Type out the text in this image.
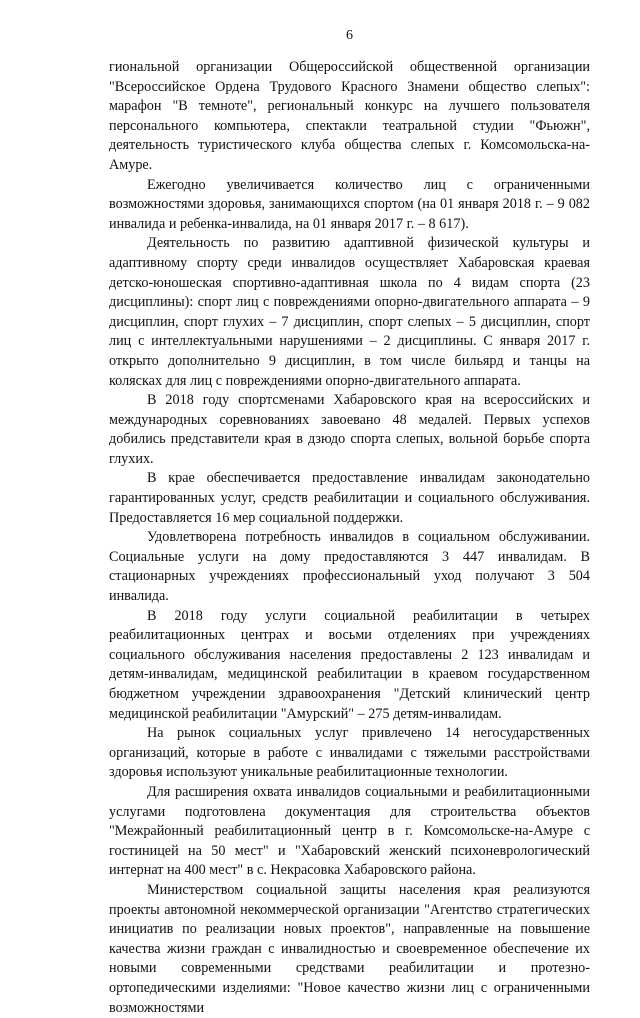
6

гиональной организации Общероссийской общественной организации "Всероссийское Ордена Трудового Красного Знамени общество слепых": марафон "В темноте", региональный конкурс на лучшего пользователя персонального компьютера, спектакли театральной студии "Фьюжн", деятельность туристического клуба общества слепых г. Комсомольска-на-Амуре.

Ежегодно увеличивается количество лиц с ограниченными возможностями здоровья, занимающихся спортом (на 01 января 2018 г. – 9 082 инвалида и ребенка-инвалида, на 01 января 2017 г. – 8 617).

Деятельность по развитию адаптивной физической культуры и адаптивному спорту среди инвалидов осуществляет Хабаровская краевая детско-юношеская спортивно-адаптивная школа по 4 видам спорта (23 дисциплины): спорт лиц с повреждениями опорно-двигательного аппарата – 9 дисциплин, спорт глухих – 7 дисциплин, спорт слепых – 5 дисциплин, спорт лиц с интеллектуальными нарушениями – 2 дисциплины. С января 2017 г. открыто дополнительно 9 дисциплин, в том числе бильярд и танцы на колясках для лиц с повреждениями опорно-двигательного аппарата.

В 2018 году спортсменами Хабаровского края на всероссийских и международных соревнованиях завоевано 48 медалей. Первых успехов добились представители края в дзюдо спорта слепых, вольной борьбе спорта глухих.

В крае обеспечивается предоставление инвалидам законодательно гарантированных услуг, средств реабилитации и социального обслуживания. Предоставляется 16 мер социальной поддержки.

Удовлетворена потребность инвалидов в социальном обслуживании. Социальные услуги на дому предоставляются 3 447 инвалидам. В стационарных учреждениях профессиональный уход получают 3 504 инвалида.

В 2018 году услуги социальной реабилитации в четырех реабилитационных центрах и восьми отделениях при учреждениях социального обслуживания населения предоставлены 2 123 инвалидам и детям-инвалидам, медицинской реабилитации в краевом государственном бюджетном учреждении здравоохранения "Детский клинический центр медицинской реабилитации "Амурский" – 275 детям-инвалидам.

На рынок социальных услуг привлечено 14 негосударственных организаций, которые в работе с инвалидами с тяжелыми расстройствами здоровья используют уникальные реабилитационные технологии.

Для расширения охвата инвалидов социальными и реабилитационными услугами подготовлена документация для строительства объектов "Межрайонный реабилитационный центр в г. Комсомольске-на-Амуре с гостиницей на 50 мест" и "Хабаровский женский психоневрологический интернат на 400 мест" в с. Некрасовка Хабаровского района.

Министерством социальной защиты населения края реализуются проекты автономной некоммерческой организации "Агентство стратегических инициатив по реализации новых проектов", направленные на повышение качества жизни граждан с инвалидностью и своевременное обеспечение их новыми современными средствами реабилитации и протезно-ортопедическими изделиями: "Новое качество жизни лиц с ограниченными возможностями
